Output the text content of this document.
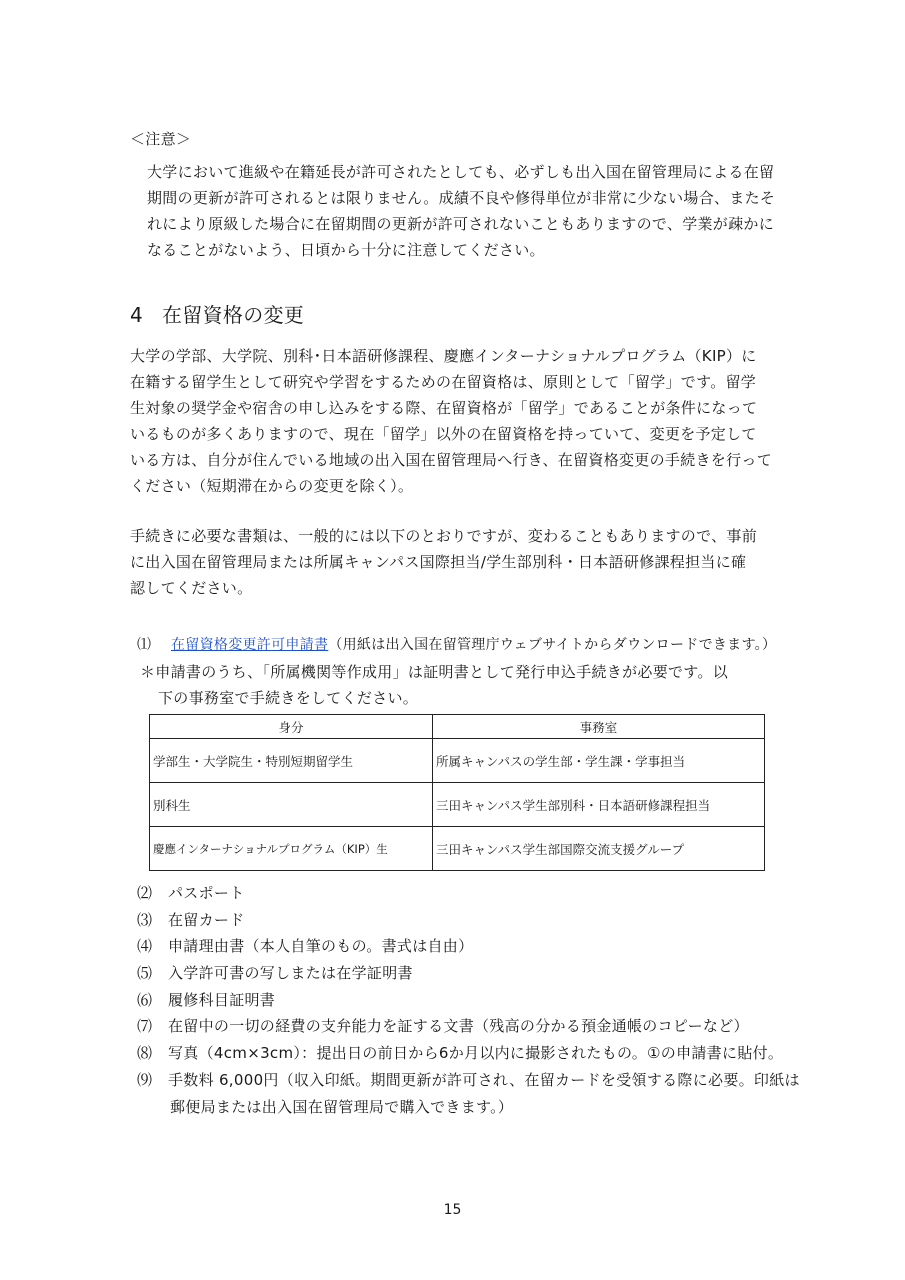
＜注意＞
大学において進級や在籍延長が許可されたとしても、必ずしも出入国在留管理局による在留
期間の更新が許可されるとは限りません。成績不良や修得単位が非常に少ない場合、またそ
れにより原級した場合に在留期間の更新が許可されないこともありますので、学業が疎かに
なることがないよう、日頃から十分に注意してください。
4 在留資格の変更
大学の学部、大学院、別科･日本語研修課程、慶應インターナショナルプログラム（KIP）に
在籍する留学生として研究や学習をするための在留資格は、原則として「留学」です。留学
生対象の奨学金や宿舎の申し込みをする際、在留資格が「留学」であることが条件になって
いるものが多くありますので、現在「留学」以外の在留資格を持っていて、変更を予定して
いる方は、自分が住んでいる地域の出入国在留管理局へ行き、在留資格変更の手続きを行って
ください（短期滞在からの変更を除く）。
手続きに必要な書類は、一般的には以下のとおりですが、変わることもありますので、事前
に出入国在留管理局または所属キャンパス国際担当/学生部別科・日本語研修課程担当に確
認してください。
⑴ 在留資格変更許可申請書（用紙は出入国在留管理庁ウェブサイトからダウンロードできます。）
＊申請書のうち、「所属機関等作成用」は証明書として発行申込手続きが必要です。以
下の事務室で手続きをしてください。
身分	事務室
学部生・大学院生・特別短期留学生	所属キャンパスの学生部・学生課・学事担当
別科生	三田キャンパス学生部別科・日本語研修課程担当
慶應インターナショナルプログラム（KIP）生	三田キャンパス学生部国際交流支援グループ
⑵ パスポート
⑶ 在留カード
⑷ 申請理由書（本人自筆のもの。書式は自由）
⑸ 入学許可書の写しまたは在学証明書
⑹ 履修科目証明書
⑺ 在留中の一切の経費の支弁能力を証する文書（残高の分かる預金通帳のコピーなど）
⑻ 写真（4cm×3cm）：提出日の前日から6か月以内に撮影されたもの。①の申請書に貼付。
⑼ 手数料 6,000円（収入印紙。期間更新が許可され、在留カードを受領する際に必要。印紙は
郵便局または出入国在留管理局で購入できます。）
15
